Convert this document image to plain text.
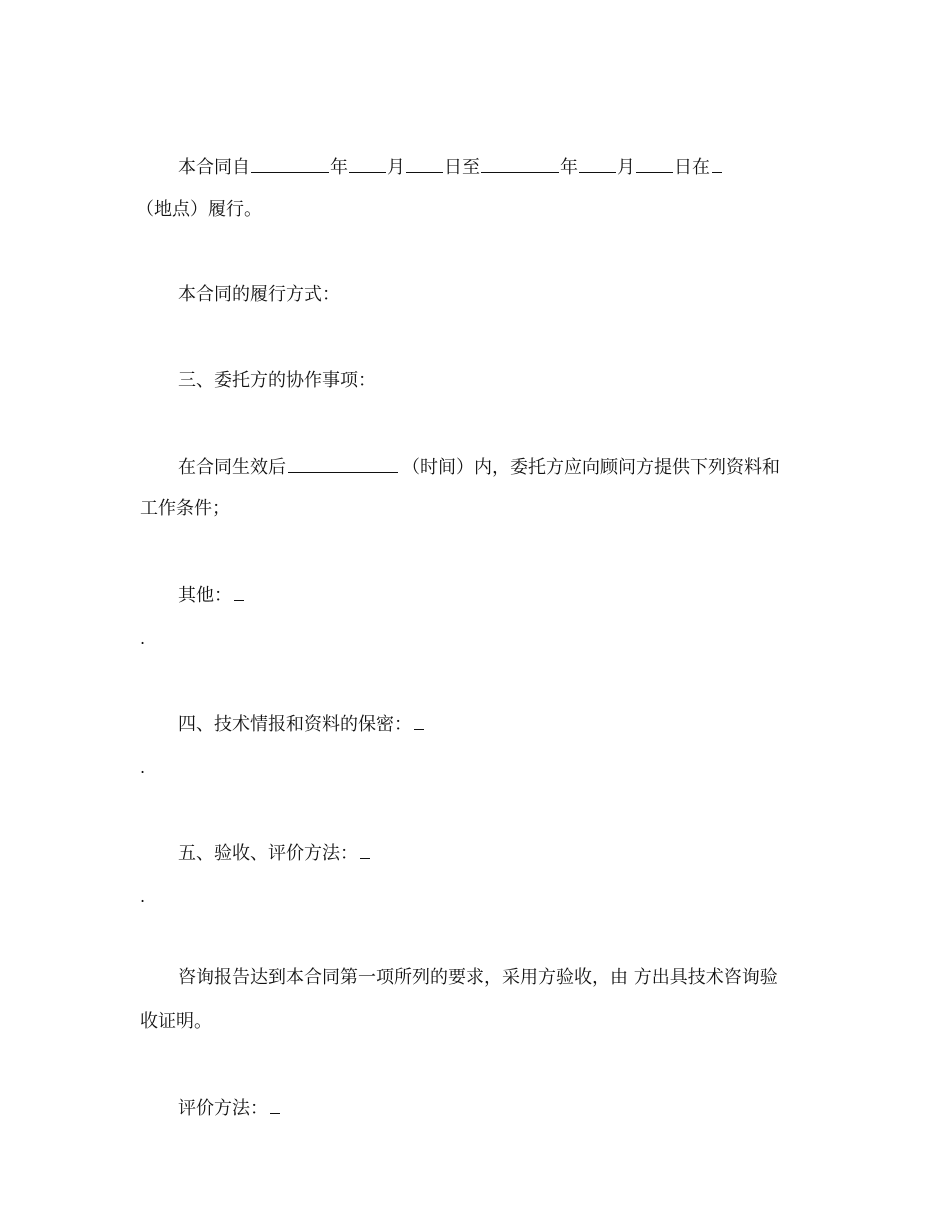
本合同自	年 月 日至	年 月 日在
（地点）履行。
本合同的履行方式：
三、委托方的协作事项：
在合同生效后	（时间）内，委托方应向顾问方提供下列资料和
工作条件；
其他：
.
四、技术情报和资料的保密：
.
五、验收、评价方法：
.
咨询报告达到本合同第一项所列的要求，采用方验收，由 方出具技术咨询验
收证明。
评价方法：
